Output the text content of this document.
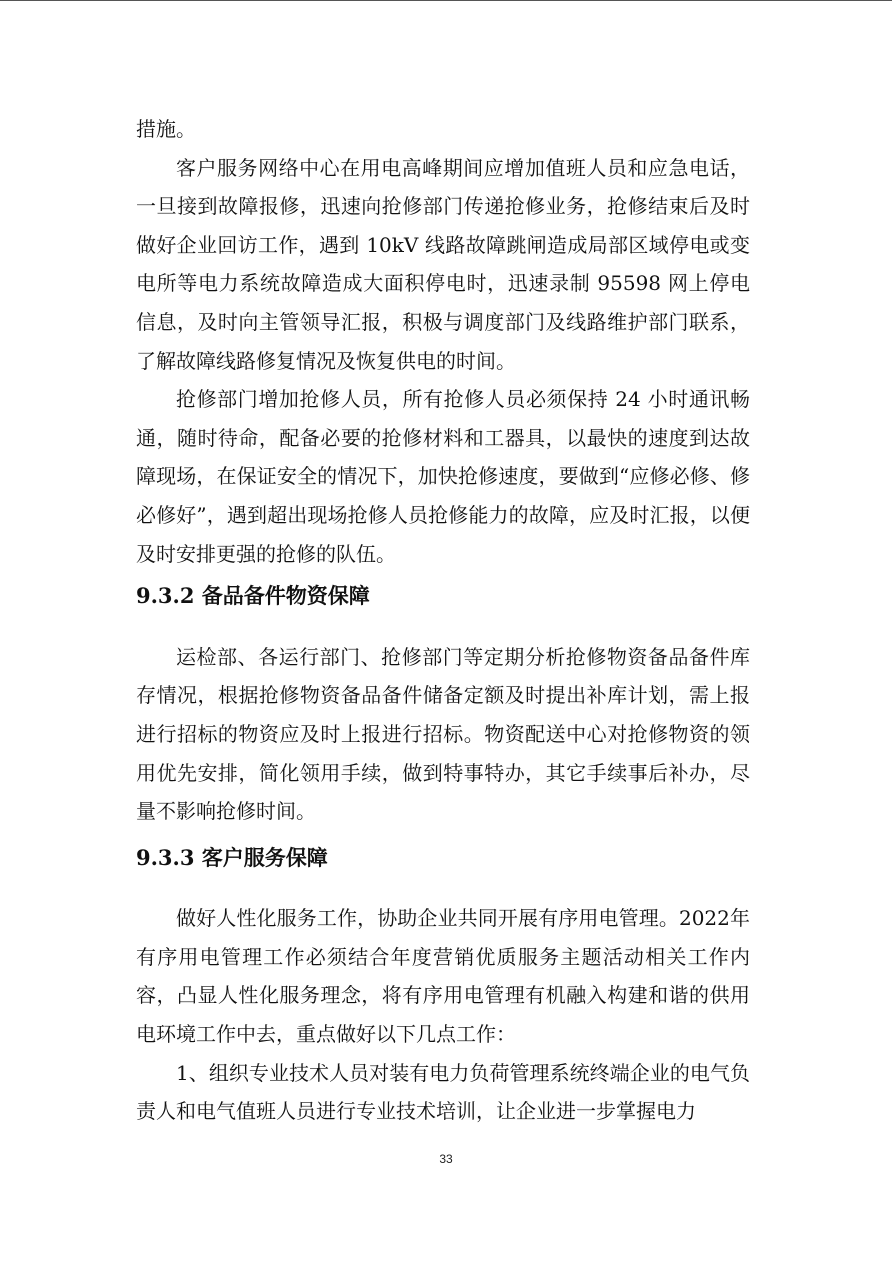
措施。

客户服务网络中心在用电高峰期间应增加值班人员和应急电话，一旦接到故障报修，迅速向抢修部门传递抢修业务，抢修结束后及时做好企业回访工作，遇到 10kV 线路故障跳闸造成局部区域停电或变电所等电力系统故障造成大面积停电时，迅速录制 95598 网上停电信息，及时向主管领导汇报，积极与调度部门及线路维护部门联系，了解故障线路修复情况及恢复供电的时间。

抢修部门增加抢修人员，所有抢修人员必须保持 24 小时通讯畅通，随时待命，配备必要的抢修材料和工器具，以最快的速度到达故障现场，在保证安全的情况下，加快抢修速度，要做到“应修必修、修必修好”，遇到超出现场抢修人员抢修能力的故障，应及时汇报，以便及时安排更强的抢修的队伍。

9.3.2 备品备件物资保障

运检部、各运行部门、抢修部门等定期分析抢修物资备品备件库存情况，根据抢修物资备品备件储备定额及时提出补库计划，需上报进行招标的物资应及时上报进行招标。物资配送中心对抢修物资的领用优先安排，简化领用手续，做到特事特办，其它手续事后补办，尽量不影响抢修时间。

9.3.3 客户服务保障

做好人性化服务工作，协助企业共同开展有序用电管理。2022年有序用电管理工作必须结合年度营销优质服务主题活动相关工作内容，凸显人性化服务理念，将有序用电管理有机融入构建和谐的供用电环境工作中去，重点做好以下几点工作：

1、组织专业技术人员对装有电力负荷管理系统终端企业的电气负责人和电气值班人员进行专业技术培训，让企业进一步掌握电力

33
